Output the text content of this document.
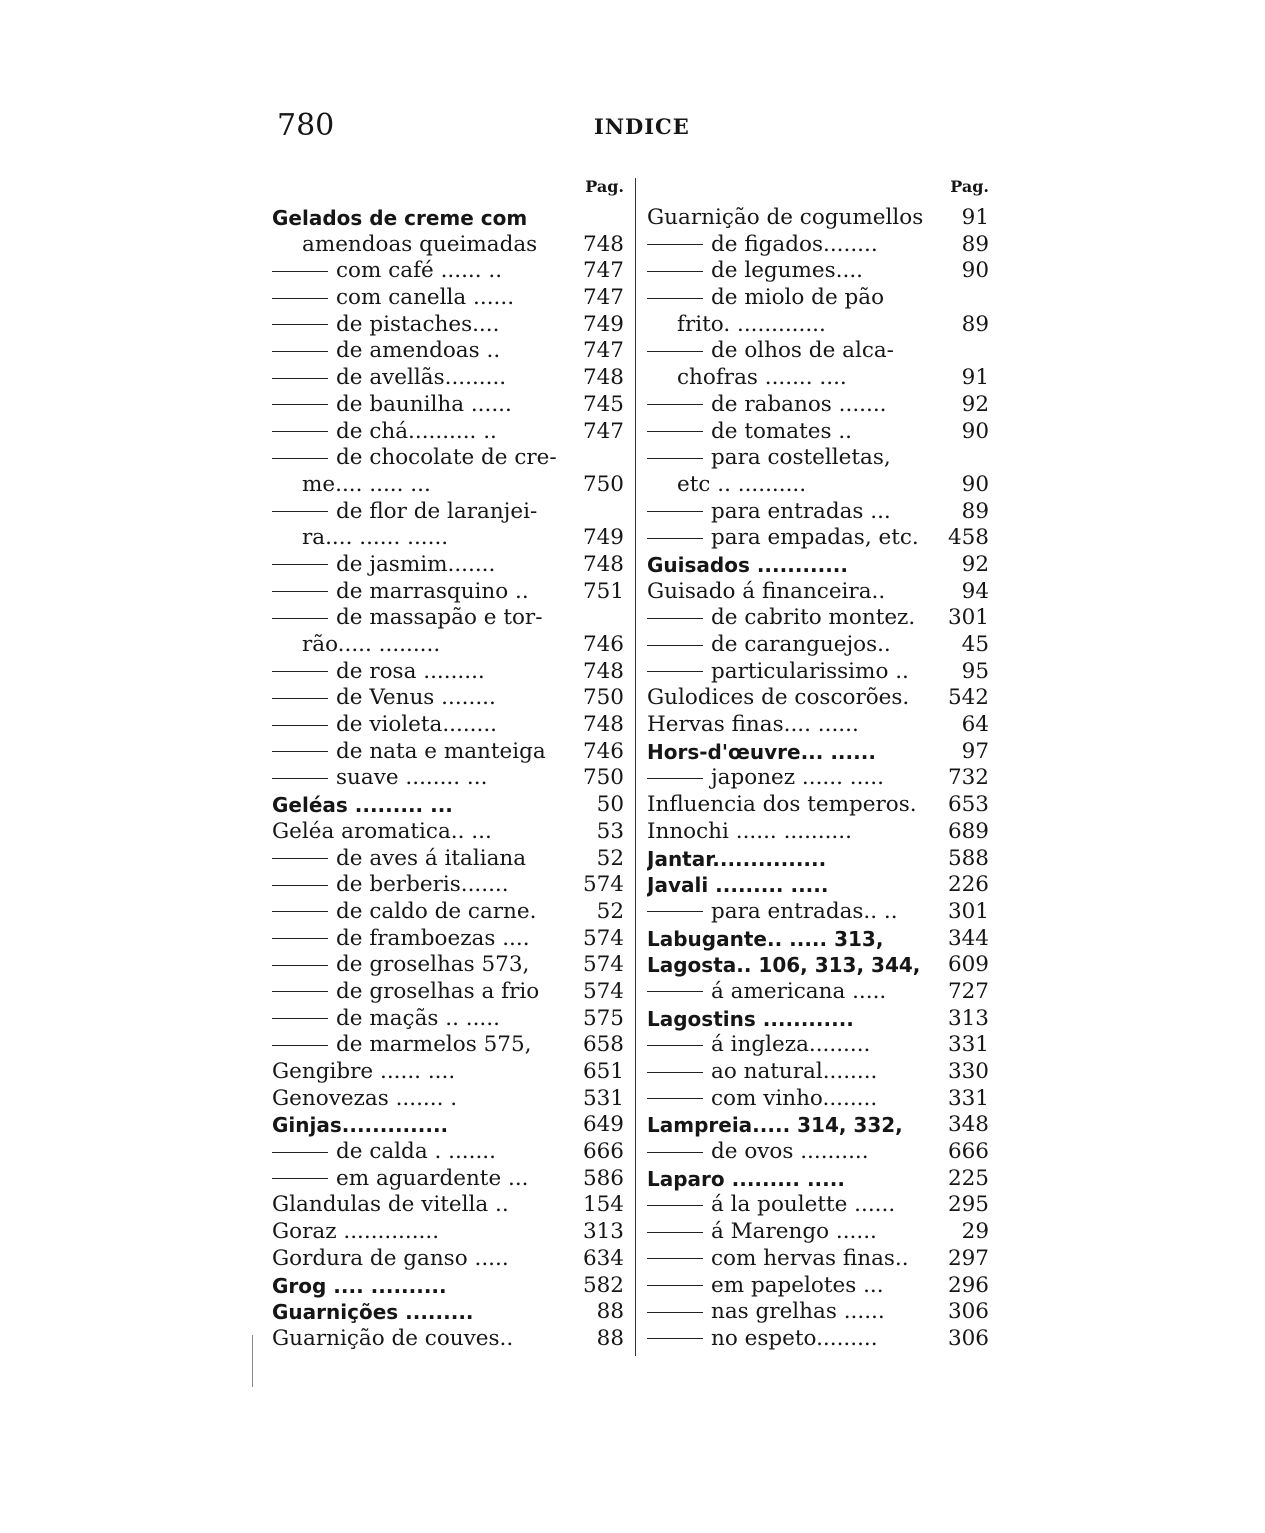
780	INDICE
Pag.
Gelados de creme com
amendoas queimadas	748
com café ...... ..	747
com canella ......	747
de pistaches....	749
de amendoas ..	747
de avellãs.........	748
de baunilha ......	745
de chá.......... ..	747
de chocolate de cre-
me.... ..... ...	750
de flor de laranjei-
ra.... ...... ......	749
de jasmim.......	748
de marrasquino ..	751
de massapão e tor-
rão..... .........	746
de rosa .........	748
de Venus ........	750
de violeta........	748
de nata e manteiga	746
suave ........ ...	750
Geléas ......... ...	50
Geléa aromatica.. ...	53
de aves á italiana	52
de berberis.......	574
de caldo de carne.	52
de framboezas ....	574
de groselhas 573,	574
de groselhas a frio	574
de maçãs .. .....	575
de marmelos 575,	658
Gengibre ...... ....	651
Genovezas ....... .	531
Ginjas..............	649
de calda . .......	666
em aguardente ...	586
Glandulas de vitella ..	154
Goraz ..............	313
Gordura de ganso .....	634
Grog .... ..........	582
Guarnições .........	88
Guarnição de couves..	88
Pag.
Guarnição de cogumellos	91
de figados........	89
de legumes....	90
de miolo de pão
frito. .............	89
de olhos de alca-
chofras ....... ....	91
de rabanos .......	92
de tomates ..	90
para costelletas,
etc .. ..........	90
para entradas ...	89
para empadas, etc.	458
Guisados ............	92
Guisado á financeira..	94
de cabrito montez.	301
de caranguejos..	45
particularissimo ..	95
Gulodices de coscorões.	542
Hervas finas.... ......	64
Hors-d'œuvre... ......	97
japonez ...... .....	732
Influencia dos temperos.	653
Innochi ...... ..........	689
Jantar...............	588
Javali ......... .....	226
para entradas.. ..	301
Labugante.. ..... 313,	344
Lagosta.. 106, 313, 344,	609
á americana .....	727
Lagostins ............	313
á ingleza.........	331
ao natural........	330
com vinho........	331
Lampreia..... 314, 332,	348
de ovos ..........	666
Laparo ......... .....	225
á la poulette ......	295
á Marengo ......	29
com hervas finas..	297
em papelotes ...	296
nas grelhas ......	306
no espeto.........	306
